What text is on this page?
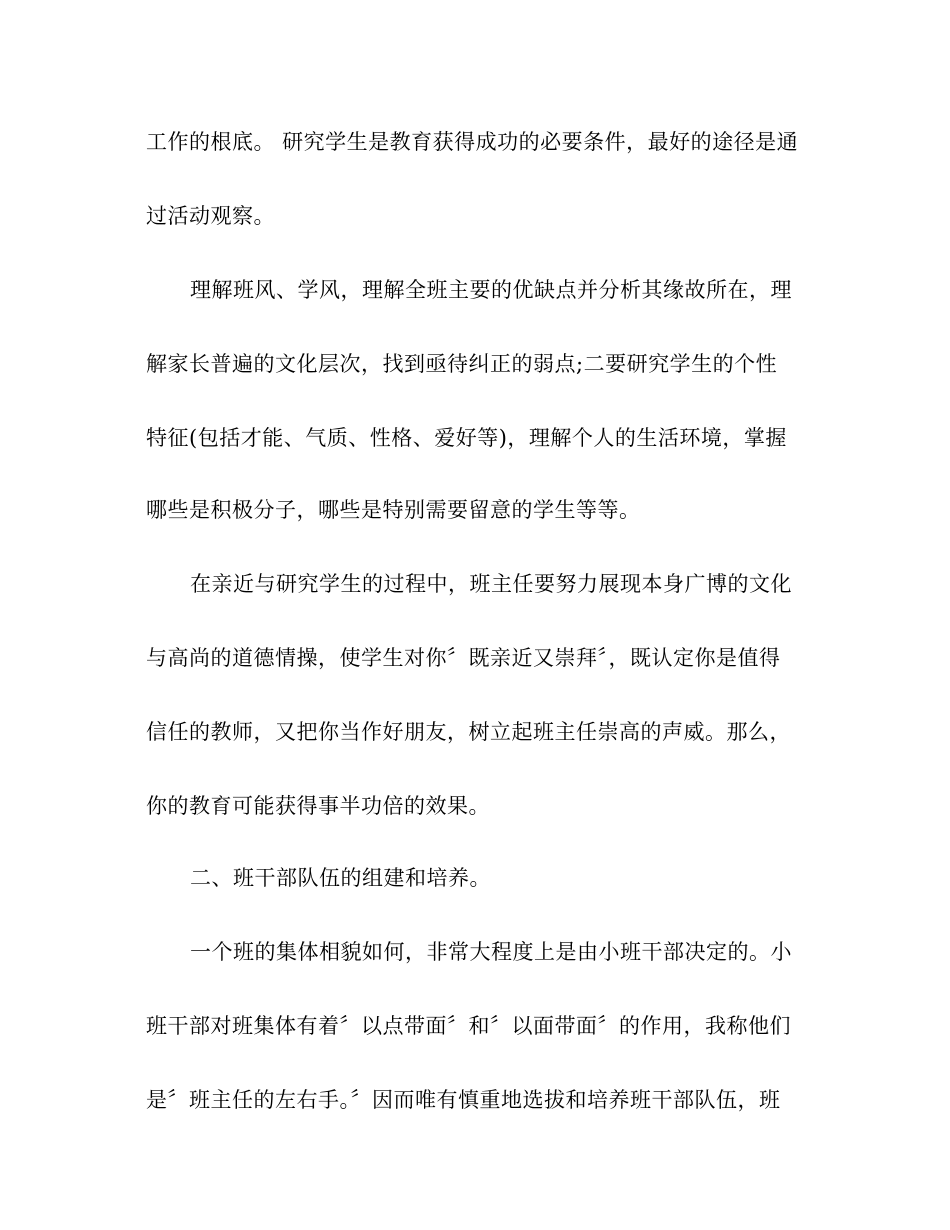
工作的根底。 研究学生是教育获得成功的必要条件，最好的途径是通
过活动观察。
理解班风、学风，理解全班主要的优缺点并分析其缘故所在，理
解家长普遍的文化层次，找到亟待纠正的弱点;二要研究学生的个性
特征(包括才能、气质、性格、爱好等)，理解个人的生活环境，掌握
哪些是积极分子，哪些是特别需要留意的学生等等。
在亲近与研究学生的过程中，班主任要努力展现本身广博的文化
与高尚的道德情操，使学生对你〞既亲近又崇拜〞，既认定你是值得
信任的教师，又把你当作好朋友，树立起班主任崇高的声威。那么，
你的教育可能获得事半功倍的效果。
二、班干部队伍的组建和培养。
一个班的集体相貌如何，非常大程度上是由小班干部决定的。小
班干部对班集体有着〞以点带面〞和〞以面带面〞的作用，我称他们
是〞班主任的左右手。〞因而唯有慎重地选拔和培养班干部队伍，班
